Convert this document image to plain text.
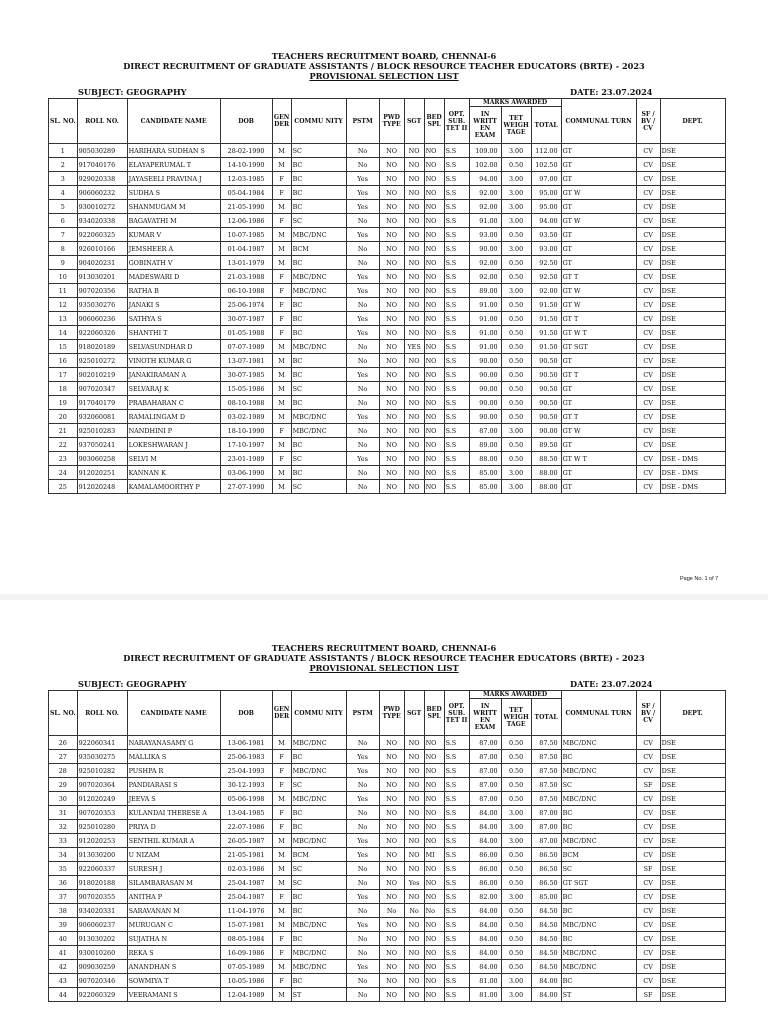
TEACHERS RECRUITMENT BOARD, CHENNAI-6
DIRECT RECRUITMENT OF GRADUATE ASSISTANTS / BLOCK RESOURCE TEACHER EDUCATORS (BRTE) - 2023
PROVISIONAL SELECTION LIST
SUBJECT: GEOGRAPHY	DATE: 23.07.2024
SL. NO.	ROLL NO.	CANDIDATE NAME	DOB	GEN DER	COMMU NITY	PSTM	PWD TYPE	SGT	BED SPL	OPT. SUB. TET II	MARKS AWARDED			COMMUNAL TURN	SF / BV / CV	DEPT.
											IN WRITT EN EXAM	TET WEIGH TAGE	TOTAL			
1	905030289	HARIHARA SUDHAN S	28-02-1990	M	SC	No	NO	NO	NO	S.S	109.00	3.00	112.00	GT	CV	DSE
2	917040176	ELAYAPERUMAL T	14-10-1990	M	BC	No	NO	NO	NO	S.S	102.00	0.50	102.50	GT	CV	DSE
3	929020338	JAYASEELI PRAVINA J	12-03-1985	F	BC	Yes	NO	NO	NO	S.S	94.00	3.00	97.00	GT	CV	DSE
4	906060232	SUDHA S	05-04-1984	F	BC	Yes	NO	NO	NO	S.S	92.00	3.00	95.00	GT W	CV	DSE
5	930010272	SHANMUGAM M	21-05-1990	M	BC	Yes	NO	NO	NO	S.S	92.00	3.00	95.00	GT	CV	DSE
6	934020338	BAGAVATHI M	12-06-1986	F	SC	No	NO	NO	NO	S.S	91.00	3.00	94.00	GT W	CV	DSE
7	922060325	KUMAR V	10-07-1985	M	MBC/DNC	Yes	NO	NO	NO	S.S	93.00	0.50	93.50	GT	CV	DSE
8	926010166	JEMSHEER A	01-04-1987	M	BCM	No	NO	NO	NO	S.S	90.00	3.00	93.00	GT	CV	DSE
9	904020231	GOBINATH V	13-01-1979	M	BC	No	NO	NO	NO	S.S	92.00	0.50	92.50	GT	CV	DSE
10	913030201	MADESWARI D	21-03-1988	F	MBC/DNC	Yes	NO	NO	NO	S.S	92.00	0.50	92.50	GT T	CV	DSE
11	907020356	RATHA B	06-10-1988	F	MBC/DNC	Yes	NO	NO	NO	S.S	89.00	3.00	92.00	GT W	CV	DSE
12	935030276	JANAKI S	25-06-1974	F	BC	No	NO	NO	NO	S.S	91.00	0.50	91.50	GT W	CV	DSE
13	906060236	SATHYA S	30-07-1987	F	BC	Yes	NO	NO	NO	S.S	91.00	0.50	91.50	GT T	CV	DSE
14	922060326	SHANTHI T	01-05-1988	F	BC	Yes	NO	NO	NO	S.S	91.00	0.50	91.50	GT W T	CV	DSE
15	918020189	SELVASUNDHAR D	07-07-1989	M	MBC/DNC	No	NO	YES	NO	S.S	91.00	0.50	91.50	GT SGT	CV	DSE
16	925010272	VINOTH KUMAR G	13-07-1981	M	BC	No	NO	NO	NO	S.S	90.00	0.50	90.50	GT	CV	DSE
17	902010219	JANAKIRAMAN A	30-07-1985	M	BC	Yes	NO	NO	NO	S.S	90.00	0.50	90.50	GT T	CV	DSE
18	907020347	SELVARAJ K	15-05-1986	M	SC	No	NO	NO	NO	S.S	90.00	0.50	90.50	GT	CV	DSE
19	917040179	PRABAHARAN C	08-10-1988	M	BC	No	NO	NO	NO	S.S	90.00	0.50	90.50	GT	CV	DSE
20	932060081	RAMALINGAM D	03-02-1989	M	MBC/DNC	Yes	NO	NO	NO	S.S	90.00	0.50	90.50	GT T	CV	DSE
21	925010283	NANDHINI P	18-10-1990	F	MBC/DNC	No	NO	NO	NO	S.S	87.00	3.00	90.00	GT W	CV	DSE
22	937050241	LOKESHWARAN J	17-10-1997	M	BC	No	NO	NO	NO	S.S	89.00	0.50	89.50	GT	CV	DSE
23	903060258	SELVI M	23-01-1989	F	SC	Yes	NO	NO	NO	S.S	88.00	0.50	88.50	GT W T	CV	DSE - DMS
24	912020251	KANNAN K	03-06-1990	M	BC	No	NO	NO	NO	S.S	85.00	3.00	88.00	GT	CV	DSE - DMS
25	912020248	KAMALAMOORTHY P	27-07-1990	M	SC	No	NO	NO	NO	S.S	85.00	3.00	88.00	GT	CV	DSE - DMS
Page No. 1 of 7
TEACHERS RECRUITMENT BOARD, CHENNAI-6
DIRECT RECRUITMENT OF GRADUATE ASSISTANTS / BLOCK RESOURCE TEACHER EDUCATORS (BRTE) - 2023
PROVISIONAL SELECTION LIST
SUBJECT: GEOGRAPHY	DATE: 23.07.2024
SL. NO.	ROLL NO.	CANDIDATE NAME	DOB	GEN DER	COMMU NITY	PSTM	PWD TYPE	SGT	BED SPL	OPT. SUB. TET II	MARKS AWARDED			COMMUNAL TURN	SF / BV / CV	DEPT.
											IN WRITT EN EXAM	TET WEIGH TAGE	TOTAL			
26	922060341	NARAYANASAMY G	13-06-1981	M	MBC/DNC	No	NO	NO	NO	S.S	87.00	0.50	87.50	MBC/DNC	CV	DSE
27	935030275	MALLIKA S	25-06-1983	F	BC	Yes	NO	NO	NO	S.S	87.00	0.50	87.50	BC	CV	DSE
28	925010282	PUSHPA R	25-04-1993	F	MBC/DNC	Yes	NO	NO	NO	S.S	87.00	0.50	87.50	MBC/DNC	CV	DSE
29	907020364	PANDIARASI S	30-12-1993	F	SC	No	NO	NO	NO	S.S	87.00	0.50	87.50	SC	SF	DSE
30	912020249	JEEVA S	05-06-1998	M	MBC/DNC	Yes	NO	NO	NO	S.S	87.00	0.50	87.50	MBC/DNC	CV	DSE
31	907020353	KULANDAI THERESE A	13-04-1985	F	BC	No	NO	NO	NO	S.S	84.00	3.00	87.00	BC	CV	DSE
32	925010280	PRIYA D	22-07-1986	F	BC	No	NO	NO	NO	S.S	84.00	3.00	87.00	BC	CV	DSE
33	912020253	SENTHIL KUMAR A	26-05-1987	M	MBC/DNC	Yes	NO	NO	NO	S.S	84.00	3.00	87.00	MBC/DNC	CV	DSE
34	913030200	U NIZAM	21-05-1981	M	BCM	Yes	NO	NO	MI	S.S	86.00	0.50	86.50	BCM	CV	DSE
35	922060337	SURESH J	02-03-1986	M	SC	No	NO	NO	NO	S.S	86.00	0.50	86.50	SC	SF	DSE
36	918020188	SILAMBARASAN M	25-04-1987	M	SC	No	NO	Yes	NO	S.S	86.00	0.50	86.50	GT SGT	CV	DSE
37	907020355	ANITHA P	25-04-1987	F	BC	Yes	NO	NO	NO	S.S	82.00	3.00	85.00	BC	CV	DSE
38	934020331	SARAVANAN M	11-04-1976	M	BC	No	No	No	No	S.S	84.00	0.50	84.50	BC	CV	DSE
39	906060237	MURUGAN C	15-07-1981	M	MBC/DNC	Yes	NO	NO	NO	S.S	84.00	0.50	84.50	MBC/DNC	CV	DSE
40	913030202	SUJATHA N	08-05-1984	F	BC	No	NO	NO	NO	S.S	84.00	0.50	84.50	BC	CV	DSE
41	930010260	REKA S	16-09-1986	F	MBC/DNC	No	NO	NO	NO	S.S	84.00	0.50	84.50	MBC/DNC	CV	DSE
42	909030259	ANANDHAN S	07-05-1989	M	MBC/DNC	Yes	NO	NO	NO	S.S	84.00	0.50	84.50	MBC/DNC	CV	DSE
43	907020346	SOWMIYA T	10-05-1986	F	BC	No	NO	NO	NO	S.S	81.00	3.00	84.00	BC	CV	DSE
44	922060329	VEERAMANI S	12-04-1989	M	ST	No	NO	NO	NO	S.S	81.00	3.00	84.00	ST	SF	DSE
